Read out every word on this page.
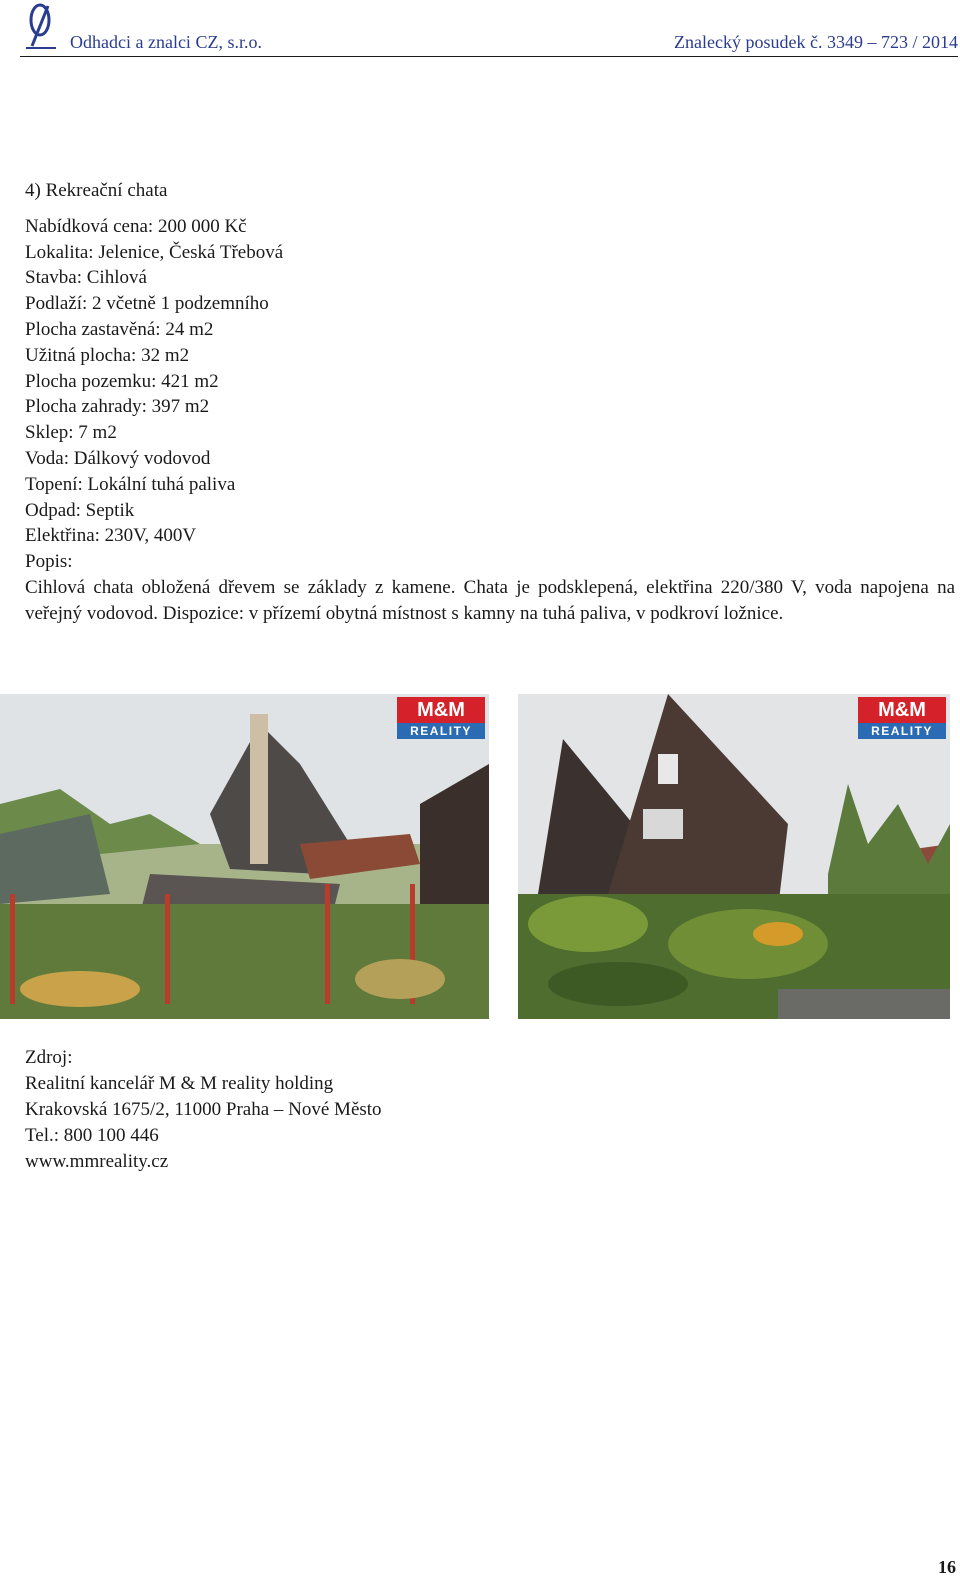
Odhadci a znalci CZ, s.r.o.	Znalecký posudek č. 3349 – 723 / 2014

4) Rekreační chata

Nabídková cena: 200 000 Kč

Lokalita: Jelenice, Česká Třebová

Stavba: Cihlová

Podlaží: 2 včetně 1 podzemního

Plocha zastavěná: 24 m2

Užitná plocha: 32 m2

Plocha pozemku: 421 m2

Plocha zahrady: 397 m2

Sklep: 7 m2

Voda: Dálkový vodovod

Topení: Lokální tuhá paliva

Odpad: Septik

Elektřina: 230V, 400V

Popis:

Cihlová chata obložená dřevem se základy z kamene. Chata je podsklepená, elektřina 220/380 V, voda napojena na veřejný vodovod. Dispozice: v přízemí obytná místnost s kamny na tuhá paliva, v podkroví ložnice.

M&M
REALITY
M&M
REALITY
Zdroj:
Realitní kancelář M & M reality holding
Krakovská 1675/2, 11000 Praha – Nové Město
Tel.: 800 100 446
www.mmreality.cz
16
